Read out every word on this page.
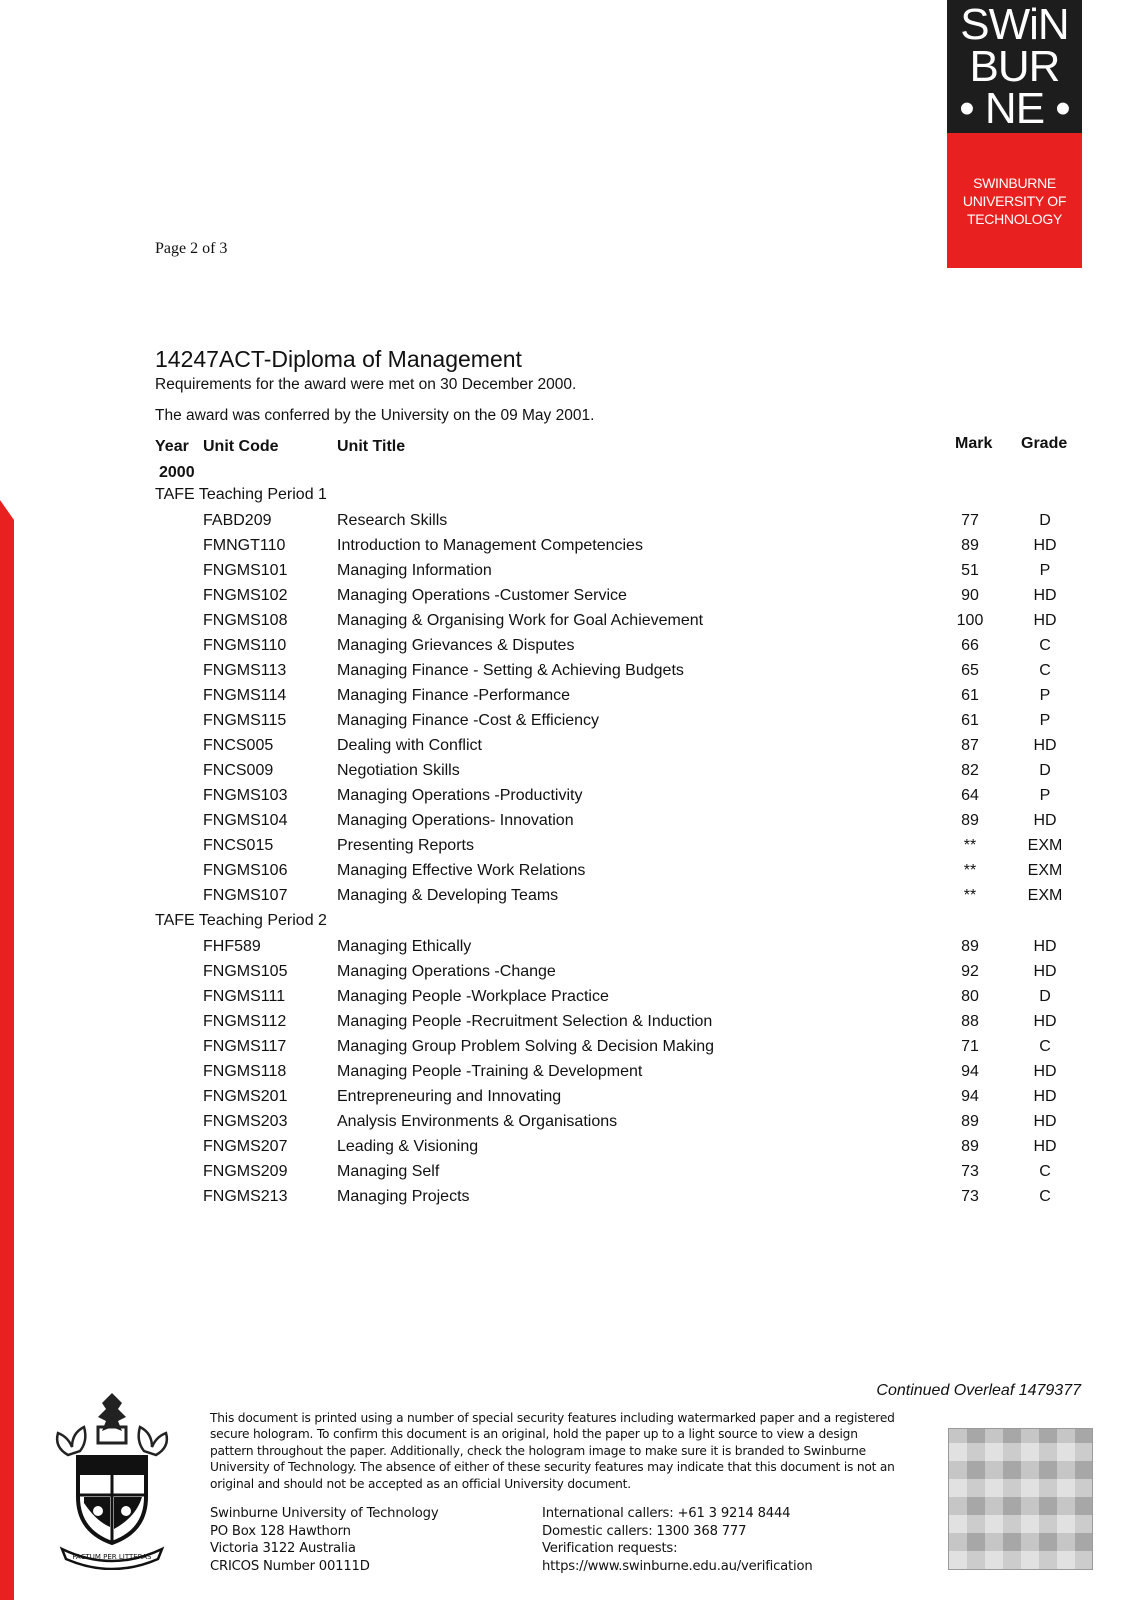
SWiN
BUR
• NE •
SWINBURNE
UNIVERSITY OF
TECHNOLOGY
Page 2 of 3
14247ACT-Diploma of Management
Requirements for the award were met on 30 December 2000.
The award was conferred by the University on the 09 May 2001.
Year Unit Code	Unit Title	Mark Grade
2000
TAFE Teaching Period 1
FABD209	Research Skills	77	D
FMNGT110	Introduction to Management Competencies	89	HD
FNGMS101	Managing Information	51	P
FNGMS102	Managing Operations -Customer Service	90	HD
FNGMS108	Managing & Organising Work for Goal Achievement	100	HD
FNGMS110	Managing Grievances & Disputes	66	C
FNGMS113	Managing Finance - Setting & Achieving Budgets	65	C
FNGMS114	Managing Finance -Performance	61	P
FNGMS115	Managing Finance -Cost & Efficiency	61	P
FNCS005	Dealing with Conflict	87	HD
FNCS009	Negotiation Skills	82	D
FNGMS103	Managing Operations -Productivity	64	P
FNGMS104	Managing Operations- Innovation	89	HD
FNCS015	Presenting Reports	**	EXM
FNGMS106	Managing Effective Work Relations	**	EXM
FNGMS107	Managing & Developing Teams	**	EXM
TAFE Teaching Period 2
FHF589	Managing Ethically	89	HD
FNGMS105	Managing Operations -Change	92	HD
FNGMS111	Managing People -Workplace Practice	80	D
FNGMS112	Managing People -Recruitment Selection & Induction	88	HD
FNGMS117	Managing Group Problem Solving & Decision Making	71	C
FNGMS118	Managing People -Training & Development	94	HD
FNGMS201	Entrepreneuring and Innovating	94	HD
FNGMS203	Analysis Environments & Organisations	89	HD
FNGMS207	Leading & Visioning	89	HD
FNGMS209	Managing Self	73	C
FNGMS213	Managing Projects	73	C
Continued Overleaf 1479377
FACTUM PER LITTERAS

This document is printed using a number of special security features including watermarked paper and a registered secure hologram. To confirm this document is an original, hold the paper up to a light source to view a design pattern throughout the paper. Additionally, check the hologram image to make sure it is branded to Swinburne University of Technology. The absence of either of these security features may indicate that this document is not an original and should not be accepted as an official University document.

Swinburne University of Technology
PO Box 128 Hawthorn
Victoria 3122 Australia
CRICOS Number 00111D
International callers: +61 3 9214 8444
Domestic callers: 1300 368 777
Verification requests:
https://www.swinburne.edu.au/verification
